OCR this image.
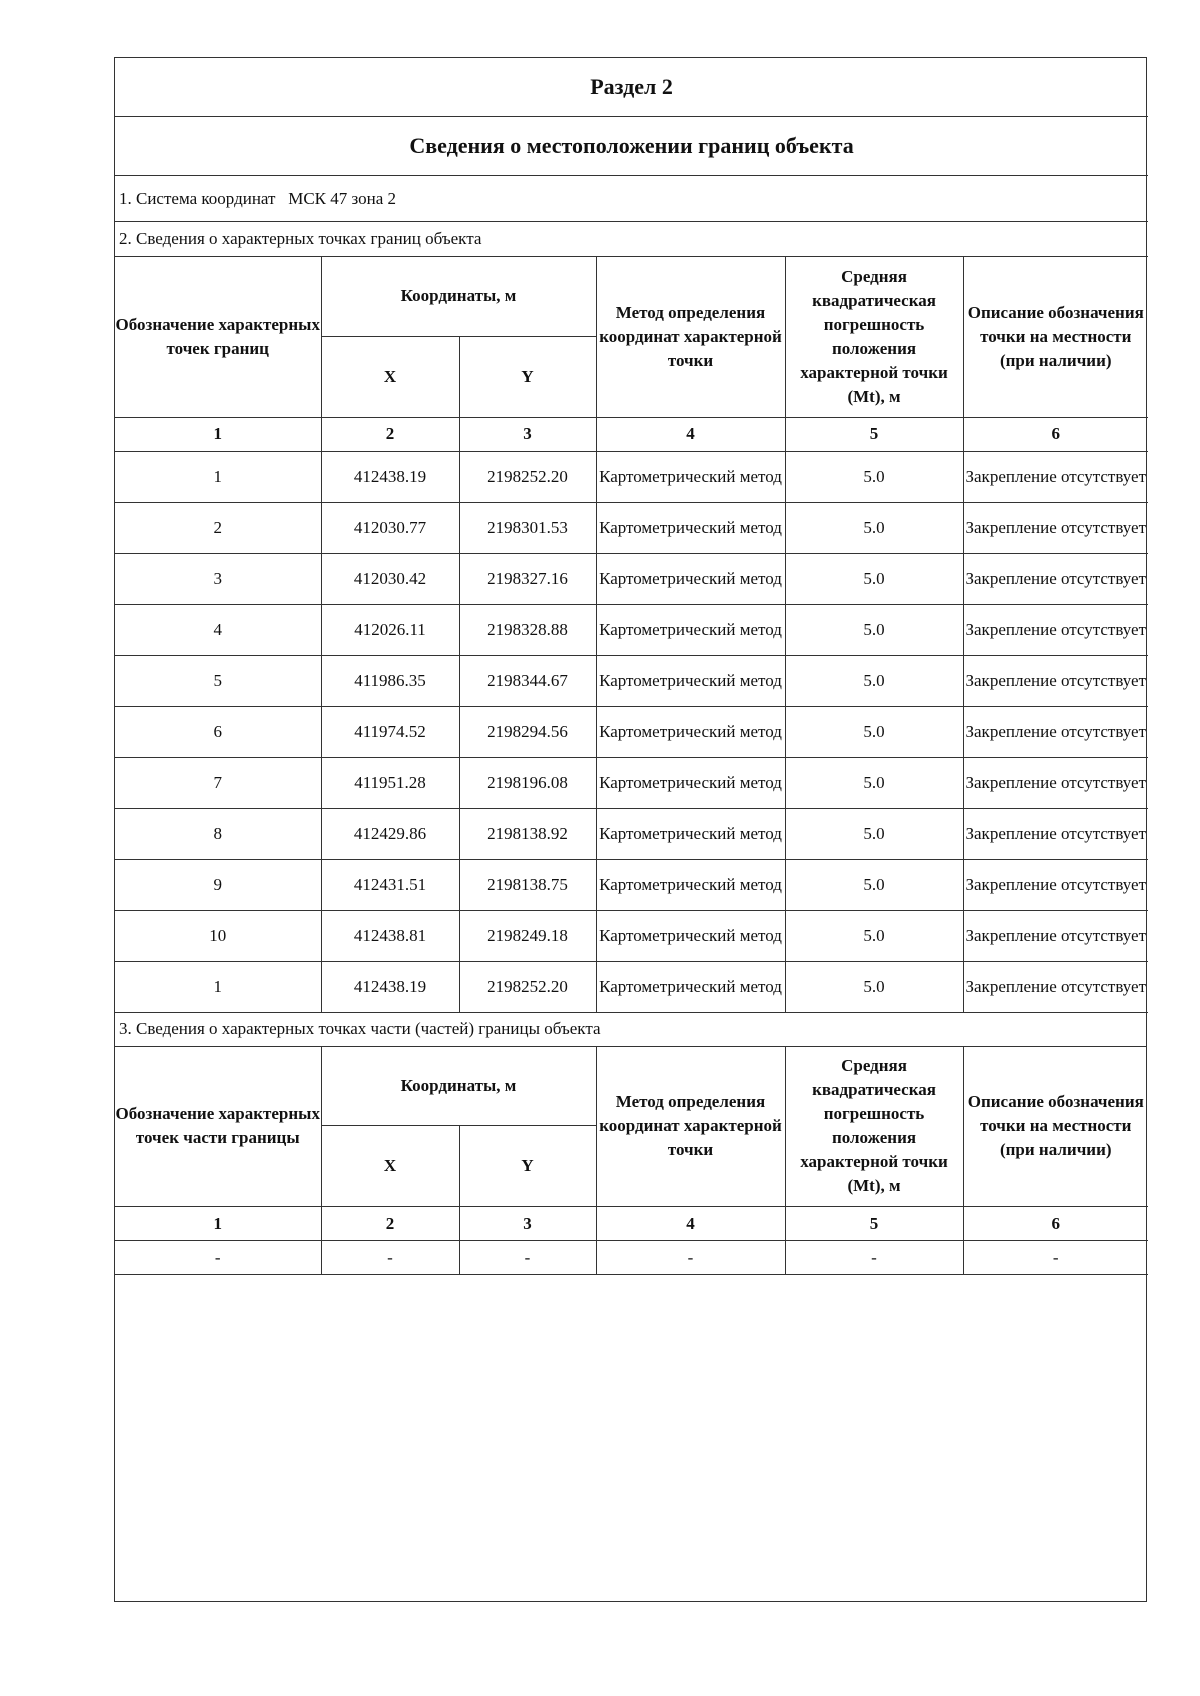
Раздел 2
Сведения о местоположении границ объекта
1. Система координат МСК 47 зона 2
2. Сведения о характерных точках границ объекта
Обозначение характерных точек границ	Координаты, м		Метод определения координат характерной точки	Средняя квадратическая погрешность положения характерной точки (Mt), м	Описание обозначения точки на местности (при наличии)
	X	Y			
1	2	3	4	5	6
1	412438.19	2198252.20	Картометрический метод	5.0	Закрепление отсутствует
2	412030.77	2198301.53	Картометрический метод	5.0	Закрепление отсутствует
3	412030.42	2198327.16	Картометрический метод	5.0	Закрепление отсутствует
4	412026.11	2198328.88	Картометрический метод	5.0	Закрепление отсутствует
5	411986.35	2198344.67	Картометрический метод	5.0	Закрепление отсутствует
6	411974.52	2198294.56	Картометрический метод	5.0	Закрепление отсутствует
7	411951.28	2198196.08	Картометрический метод	5.0	Закрепление отсутствует
8	412429.86	2198138.92	Картометрический метод	5.0	Закрепление отсутствует
9	412431.51	2198138.75	Картометрический метод	5.0	Закрепление отсутствует
10	412438.81	2198249.18	Картометрический метод	5.0	Закрепление отсутствует
1	412438.19	2198252.20	Картометрический метод	5.0	Закрепление отсутствует
3. Сведения о характерных точках части (частей) границы объекта
Обозначение характерных точек части границы	Координаты, м		Метод определения координат характерной точки	Средняя квадратическая погрешность положения характерной точки (Mt), м	Описание обозначения точки на местности (при наличии)
	X	Y			
1	2	3	4	5	6
-	-	-	-	-	-
